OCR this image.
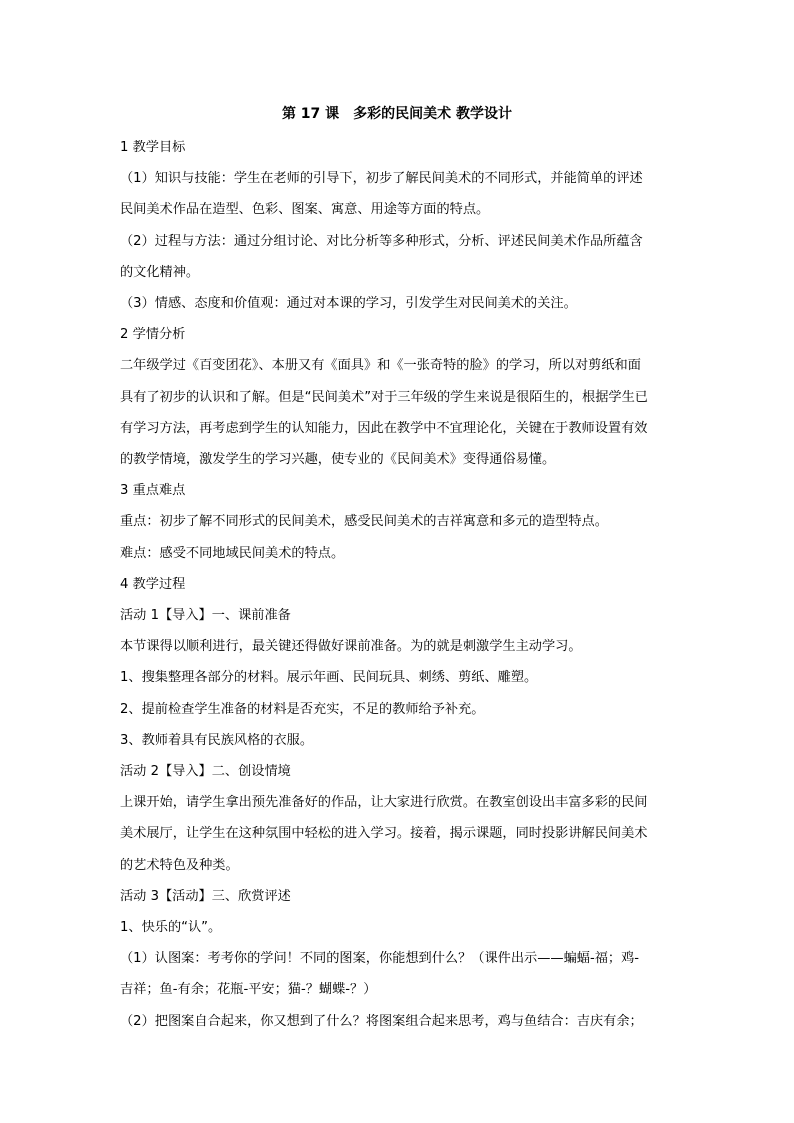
第 17 课　多彩的民间美术 教学设计

1 教学目标

（1）知识与技能：学生在老师的引导下，初步了解民间美术的不同形式，并能简单的评述

民间美术作品在造型、色彩、图案、寓意、用途等方面的特点。

（2）过程与方法：通过分组讨论、对比分析等多种形式，分析、评述民间美术作品所蕴含

的文化精神。

（3）情感、态度和价值观：通过对本课的学习，引发学生对民间美术的关注。

2 学情分析

二年级学过《百变团花》、本册又有《面具》和《一张奇特的脸》的学习，所以对剪纸和面

具有了初步的认识和了解。但是“民间美术”对于三年级的学生来说是很陌生的，根据学生已

有学习方法，再考虑到学生的认知能力，因此在教学中不宜理论化，关键在于教师设置有效

的教学情境，激发学生的学习兴趣，使专业的《民间美术》变得通俗易懂。

3 重点难点

重点：初步了解不同形式的民间美术，感受民间美术的吉祥寓意和多元的造型特点。

难点：感受不同地域民间美术的特点。

4 教学过程

活动 1【导入】一、课前准备

本节课得以顺利进行，最关键还得做好课前准备。为的就是刺激学生主动学习。

1、搜集整理各部分的材料。展示年画、民间玩具、刺绣、剪纸、雕塑。

2、提前检查学生准备的材料是否充实，不足的教师给予补充。

3、教师着具有民族风格的衣服。

活动 2【导入】二、创设情境

上课开始，请学生拿出预先准备好的作品，让大家进行欣赏。在教室创设出丰富多彩的民间

美术展厅，让学生在这种氛围中轻松的进入学习。接着，揭示课题，同时投影讲解民间美术

的艺术特色及种类。

活动 3【活动】三、欣赏评述

1、快乐的“认”。

（1）认图案：考考你的学问！不同的图案，你能想到什么？（课件出示——蝙蝠-福；鸡-

吉祥；鱼-有余；花瓶-平安；猫-？蝴蝶-？）

（2）把图案自合起来，你又想到了什么？将图案组合起来思考，鸡与鱼结合：吉庆有余；
